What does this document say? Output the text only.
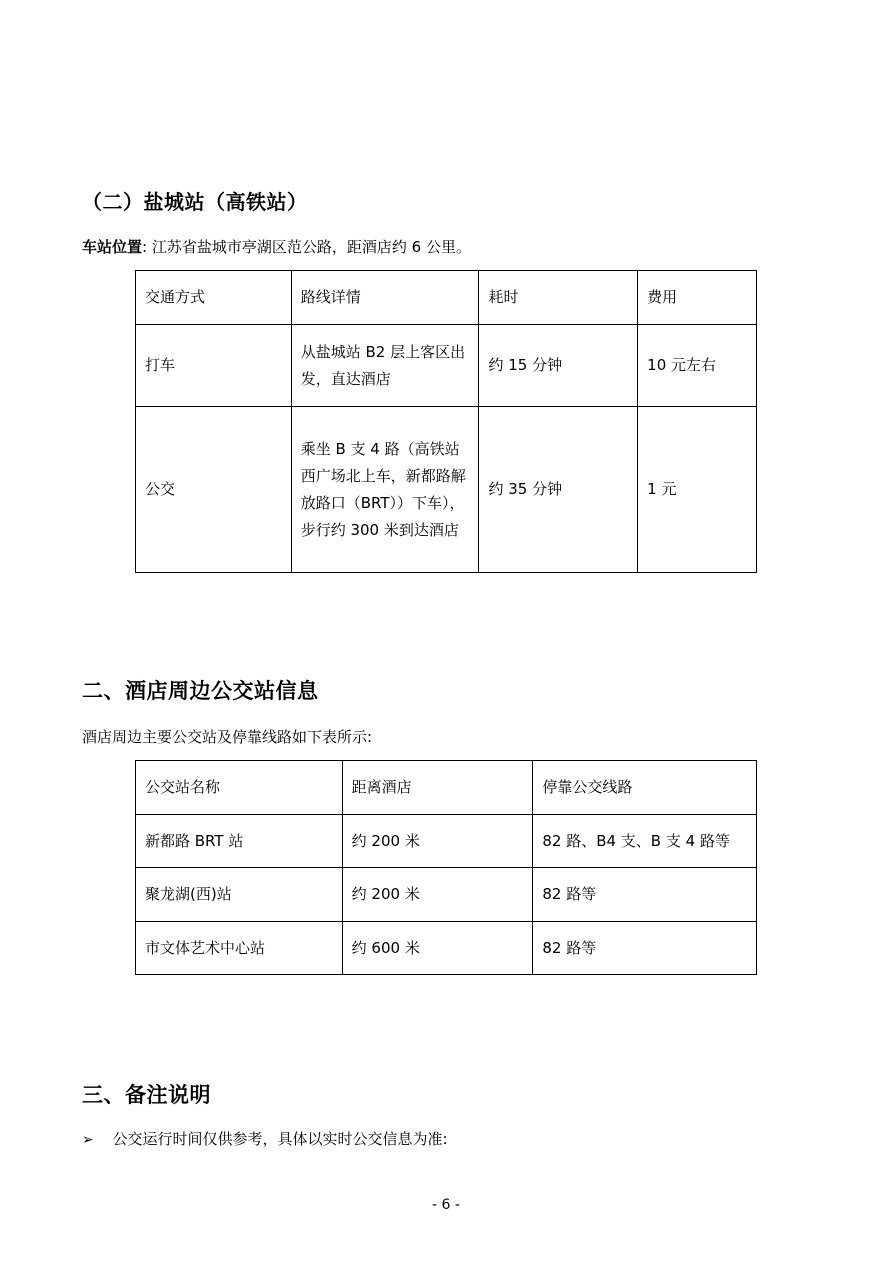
（二）盐城站（高铁站）
车站位置: 江苏省盐城市亭湖区范公路，距酒店约 6 公里。
交通方式	路线详情	耗时	费用
打车	从盐城站 B2 层上客区出发，直达酒店	约 15 分钟	10 元左右
公交	乘坐 B 支 4 路（高铁站西广场北上车，新都路解放路口（BRT））下车），步行约 300 米到达酒店	约 35 分钟	1 元
二、酒店周边公交站信息
酒店周边主要公交站及停靠线路如下表所示:
公交站名称	距离酒店	停靠公交线路
新都路 BRT 站	约 200 米	82 路、B4 支、B 支 4 路等
聚龙湖(西)站	约 200 米	82 路等
市文体艺术中心站	约 600 米	82 路等
三、备注说明
➢ 公交运行时间仅供参考，具体以实时公交信息为准:
- 6 -
